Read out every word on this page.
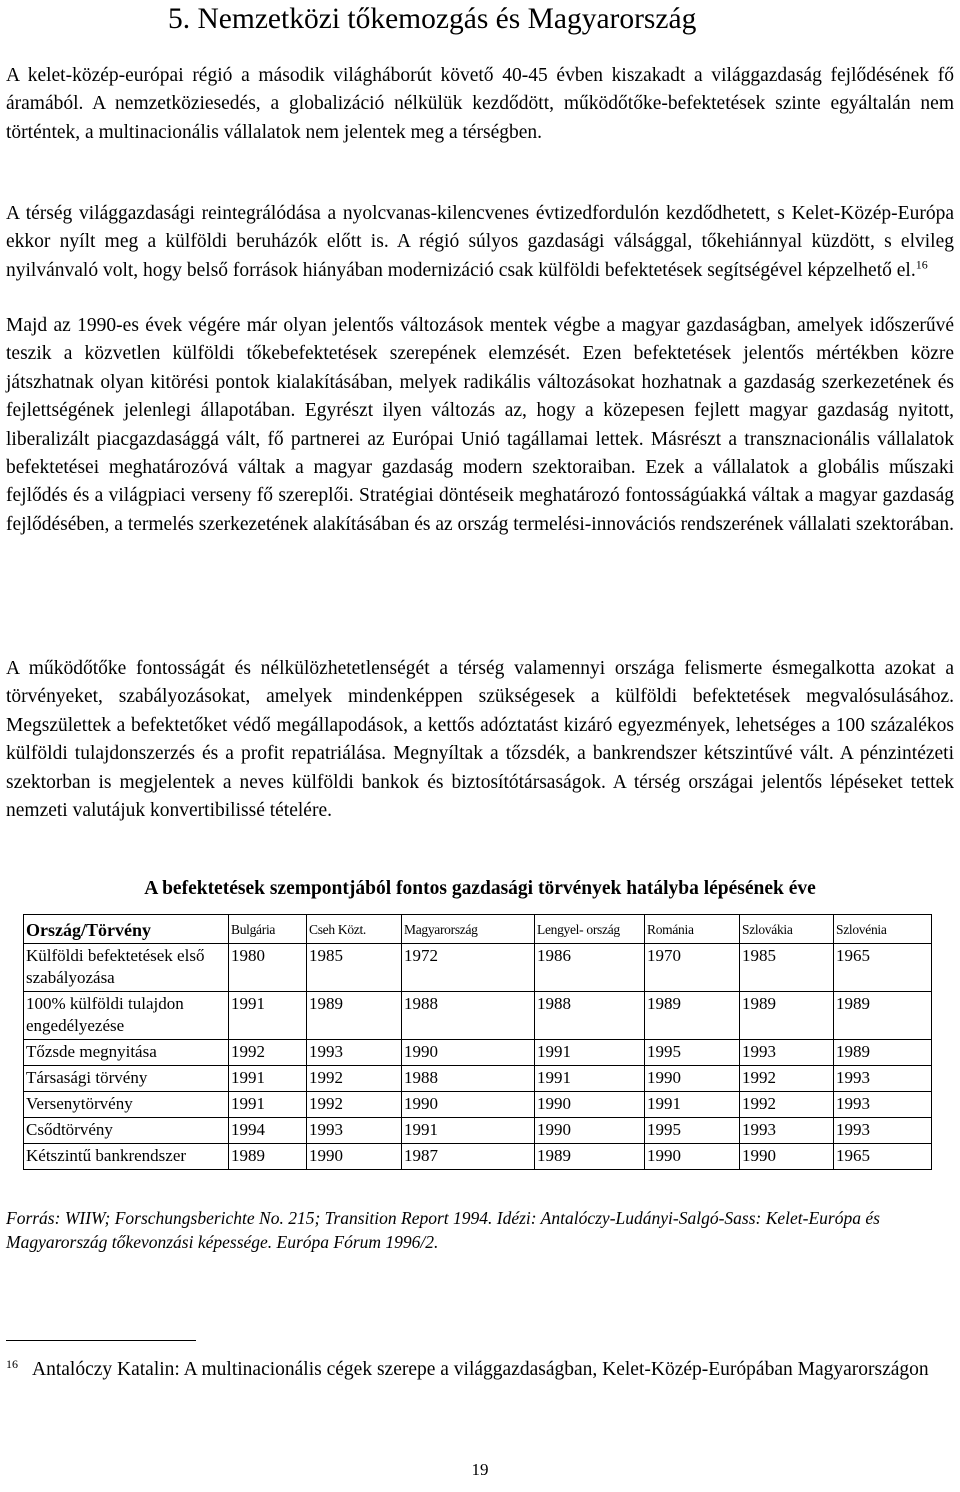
5. Nemzetközi tőkemozgás és Magyarország

A kelet-közép-európai régió a második világháborút követő 40-45 évben kiszakadt a világgazdaság fejlődésének fő áramából. A nemzetköziesedés, a globalizáció nélkülük kezdődött, működőtőke-befektetések szinte egyáltalán nem történtek, a multinacionális vállalatok nem jelentek meg a térségben.

A térség világgazdasági reintegrálódása a nyolcvanas-kilencvenes évtizedfordulón kezdődhetett, s Kelet-Közép-Európa ekkor nyílt meg a külföldi beruházók előtt is. A régió súlyos gazdasági válsággal, tőkehiánnyal küzdött, s elvileg nyilvánvaló volt, hogy belső források hiányában modernizáció csak külföldi befektetések segítségével képzelhető el.$^{16}$

Majd az 1990-es évek végére már olyan jelentős változások mentek végbe a magyar gazdaságban, amelyek időszerűvé teszik a közvetlen külföldi tőkebefektetések szerepének elemzését. Ezen befektetések jelentős mértékben közre játszhatnak olyan kitörési pontok kialakításában, melyek radikális változásokat hozhatnak a gazdaság szerkezetének és fejlettségének jelenlegi állapotában. Egyrészt ilyen változás az, hogy a közepesen fejlett magyar gazdaság nyitott, liberalizált piacgazdasággá vált, fő partnerei az Európai Unió tagállamai lettek. Másrészt a transznacionális vállalatok befektetései meghatározóvá váltak a magyar gazdaság modern szektoraiban. Ezek a vállalatok a globális műszaki fejlődés és a világpiaci verseny fő szereplői. Stratégiai döntéseik meghatározó fontosságúakká váltak a magyar gazdaság fejlődésében, a termelés szerkezetének alakításában és az ország termelési-innovációs rendszerének vállalati szektorában.

A működőtőke fontosságát és nélkülözhetetlenségét a térség valamennyi országa felismerte ésmegalkotta azokat a törvényeket, szabályozásokat, amelyek mindenképpen szükségesek a külföldi befektetések megvalósulásához. Megszülettek a befektetőket védő megállapodások, a kettős adóztatást kizáró egyezmények, lehetséges a 100 százalékos külföldi tulajdonszerzés és a profit repatriálása. Megnyíltak a tőzsdék, a bankrendszer kétszintűvé vált. A pénzintézeti szektorban is megjelentek a neves külföldi bankok és biztosítótársaságok. A térség országai jelentős lépéseket tettek nemzeti valutájuk konvertibilissé tételére.

A befektetések szempontjából fontos gazdasági törvények hatályba lépésének éve

Ország/Törvény	Bulgária	Cseh Közt.	Magyarország	Lengyel- ország	Románia	Szlovákia	Szlovénia
Külföldi befektetések első szabályozása	1980	1985	1972	1986	1970	1985	1965
100% külföldi tulajdon engedélyezése	1991	1989	1988	1988	1989	1989	1989
Tőzsde megnyitása	1992	1993	1990	1991	1995	1993	1989
Társasági törvény	1991	1992	1988	1991	1990	1992	1993
Versenytörvény	1991	1992	1990	1990	1991	1992	1993
Csődtörvény	1994	1993	1991	1990	1995	1993	1993
Kétszintű bankrendszer	1989	1990	1987	1989	1990	1990	1965

Forrás: WIIW; Forschungsberichte No. 215; Transition Report 1994. Idézi: Antalóczy-Ludányi-Salgó-Sass: Kelet-Európa és Magyarország tőkevonzási képessége. Európa Fórum 1996/2.

$^{16}$ Antalóczy Katalin: A multinacionális cégek szerepe a világgazdaságban, Kelet-Közép-Európában Magyarországon

19
